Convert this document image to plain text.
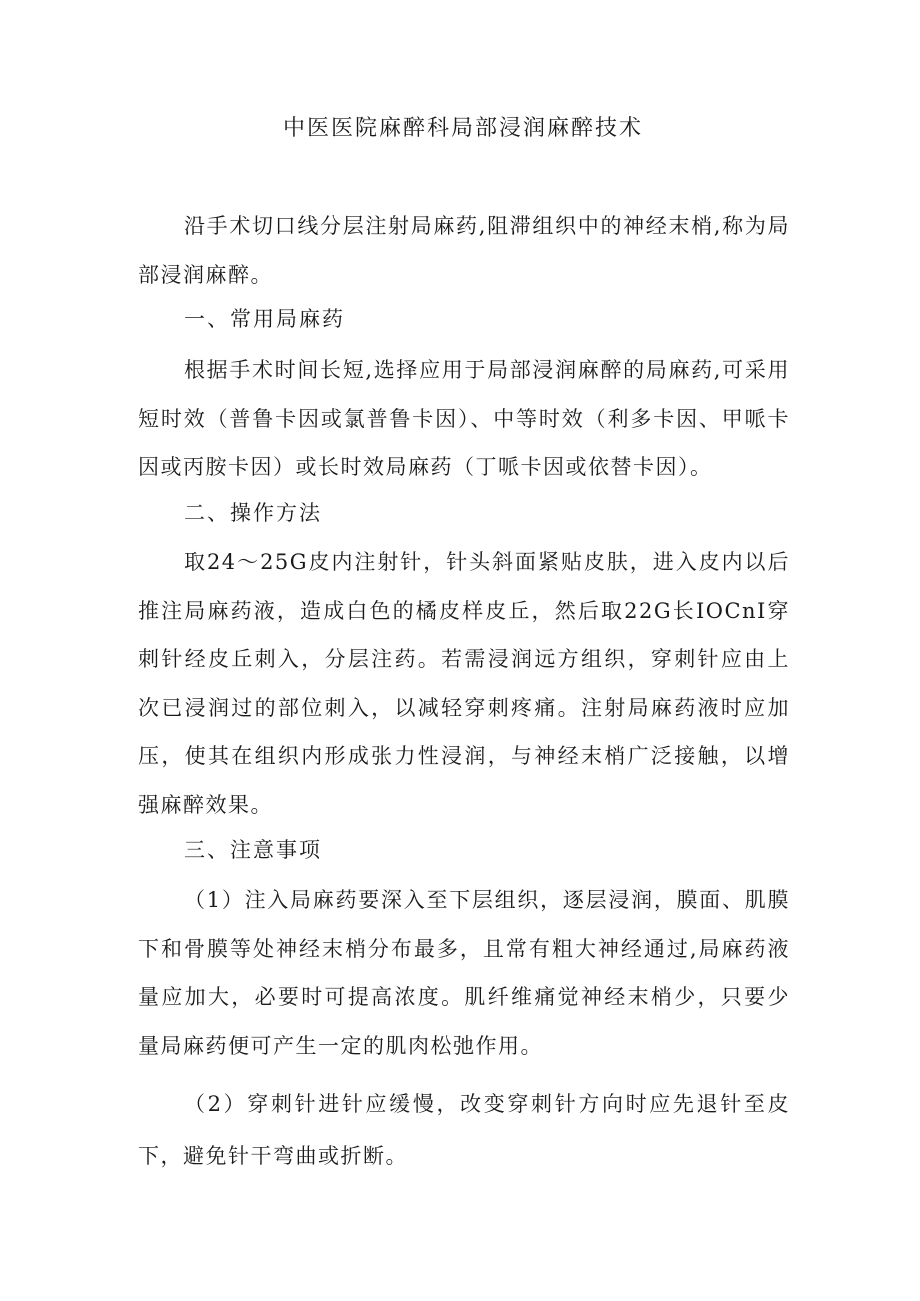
中医医院麻醉科局部浸润麻醉技术

沿手术切口线分层注射局麻药,阻滞组织中的神经末梢,称为局部浸润麻醉。

一、常用局麻药

根据手术时间长短,选择应用于局部浸润麻醉的局麻药,可采用短时效（普鲁卡因或氯普鲁卡因）、中等时效（利多卡因、甲哌卡因或丙胺卡因）或长时效局麻药（丁哌卡因或依替卡因）。

二、操作方法

取24～25G皮内注射针，针头斜面紧贴皮肤，进入皮内以后推注局麻药液，造成白色的橘皮样皮丘，然后取22G长IOCnI穿刺针经皮丘刺入，分层注药。若需浸润远方组织，穿刺针应由上次已浸润过的部位刺入，以减轻穿刺疼痛。注射局麻药液时应加压，使其在组织内形成张力性浸润，与神经末梢广泛接触，以增强麻醉效果。

三、注意事项

（1）注入局麻药要深入至下层组织，逐层浸润，膜面、肌膜下和骨膜等处神经末梢分布最多，且常有粗大神经通过,局麻药液量应加大，必要时可提高浓度。肌纤维痛觉神经末梢少，只要少量局麻药便可产生一定的肌肉松弛作用。

（2）穿刺针进针应缓慢，改变穿刺针方向时应先退针至皮下，避免针干弯曲或折断。
